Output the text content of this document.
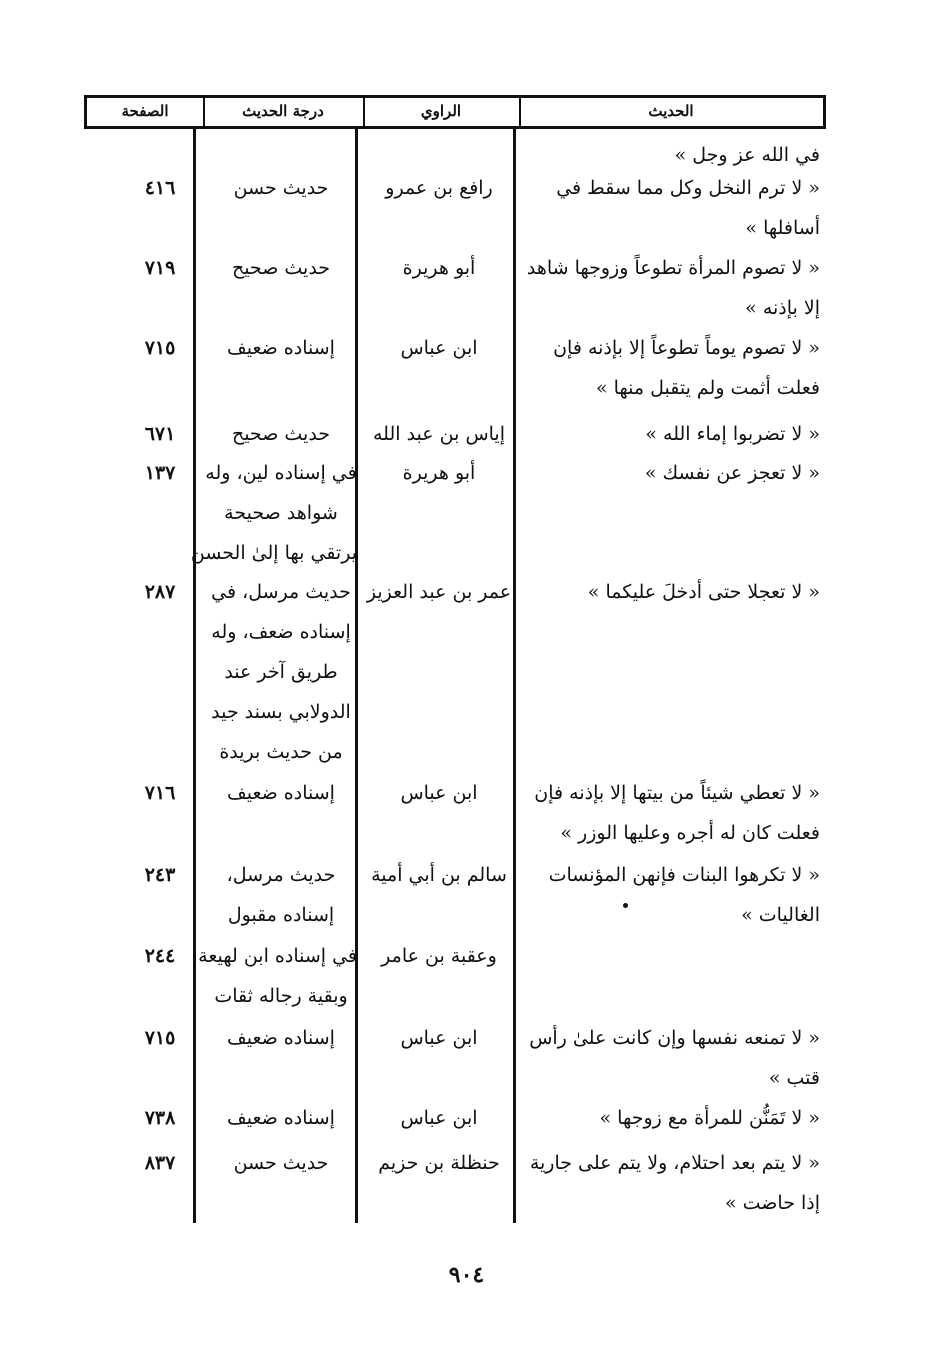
الحديث
الراوي
درجة الحديث
الصفحة
في الله عز وجل »
« لا ترم النخل وكل مما سقط في
أسافلها »
رافع بن عمرو
حديث حسن
٤١٦
« لا تصوم المرأة تطوعاً وزوجها شاهد
إلا بإذنه »
أبو هريرة
حديث صحيح
٧١٩
« لا تصوم يوماً تطوعاً إلا بإذنه فإن
فعلت أثمت ولم يتقبل منها »
ابن عباس
إسناده ضعيف
٧١٥
« لا تضربوا إماء الله »
إياس بن عبد الله
حديث صحيح
٦٧١
« لا تعجز عن نفسك »
أبو هريرة
في إسناده لين، وله
شواهد صحيحة
يرتقي بها إلىٰ الحسن
١٣٧
« لا تعجلا حتى أدخلَ عليكما »
عمر بن عبد العزيز
حديث مرسل، في
إسناده ضعف، وله
طريق آخر عند
الدولابي بسند جيد
من حديث بريدة
٢٨٧
« لا تعطي شيئاً من بيتها إلا بإذنه فإن
فعلت كان له أجره وعليها الوزر »
ابن عباس
إسناده ضعيف
٧١٦
« لا تكرهوا البنات فإنهن المؤنسات
الغاليات »
سالم بن أبي أمية
حديث مرسل،
إسناده مقبول
٢٤٣
وعقبة بن عامر
في إسناده ابن لهيعة
وبقية رجاله ثقات
٢٤٤
« لا تمنعه نفسها وإن كانت علىٰ رأس
قتب »
ابن عباس
إسناده ضعيف
٧١٥
« لا تَمَنُّن للمرأة مع زوجها »
ابن عباس
إسناده ضعيف
٧٣٨
« لا يتم بعد احتلام، ولا يتم على جارية
إذا حاضت »
حنظلة بن حزيم
حديث حسن
٨٣٧
٩٠٤
